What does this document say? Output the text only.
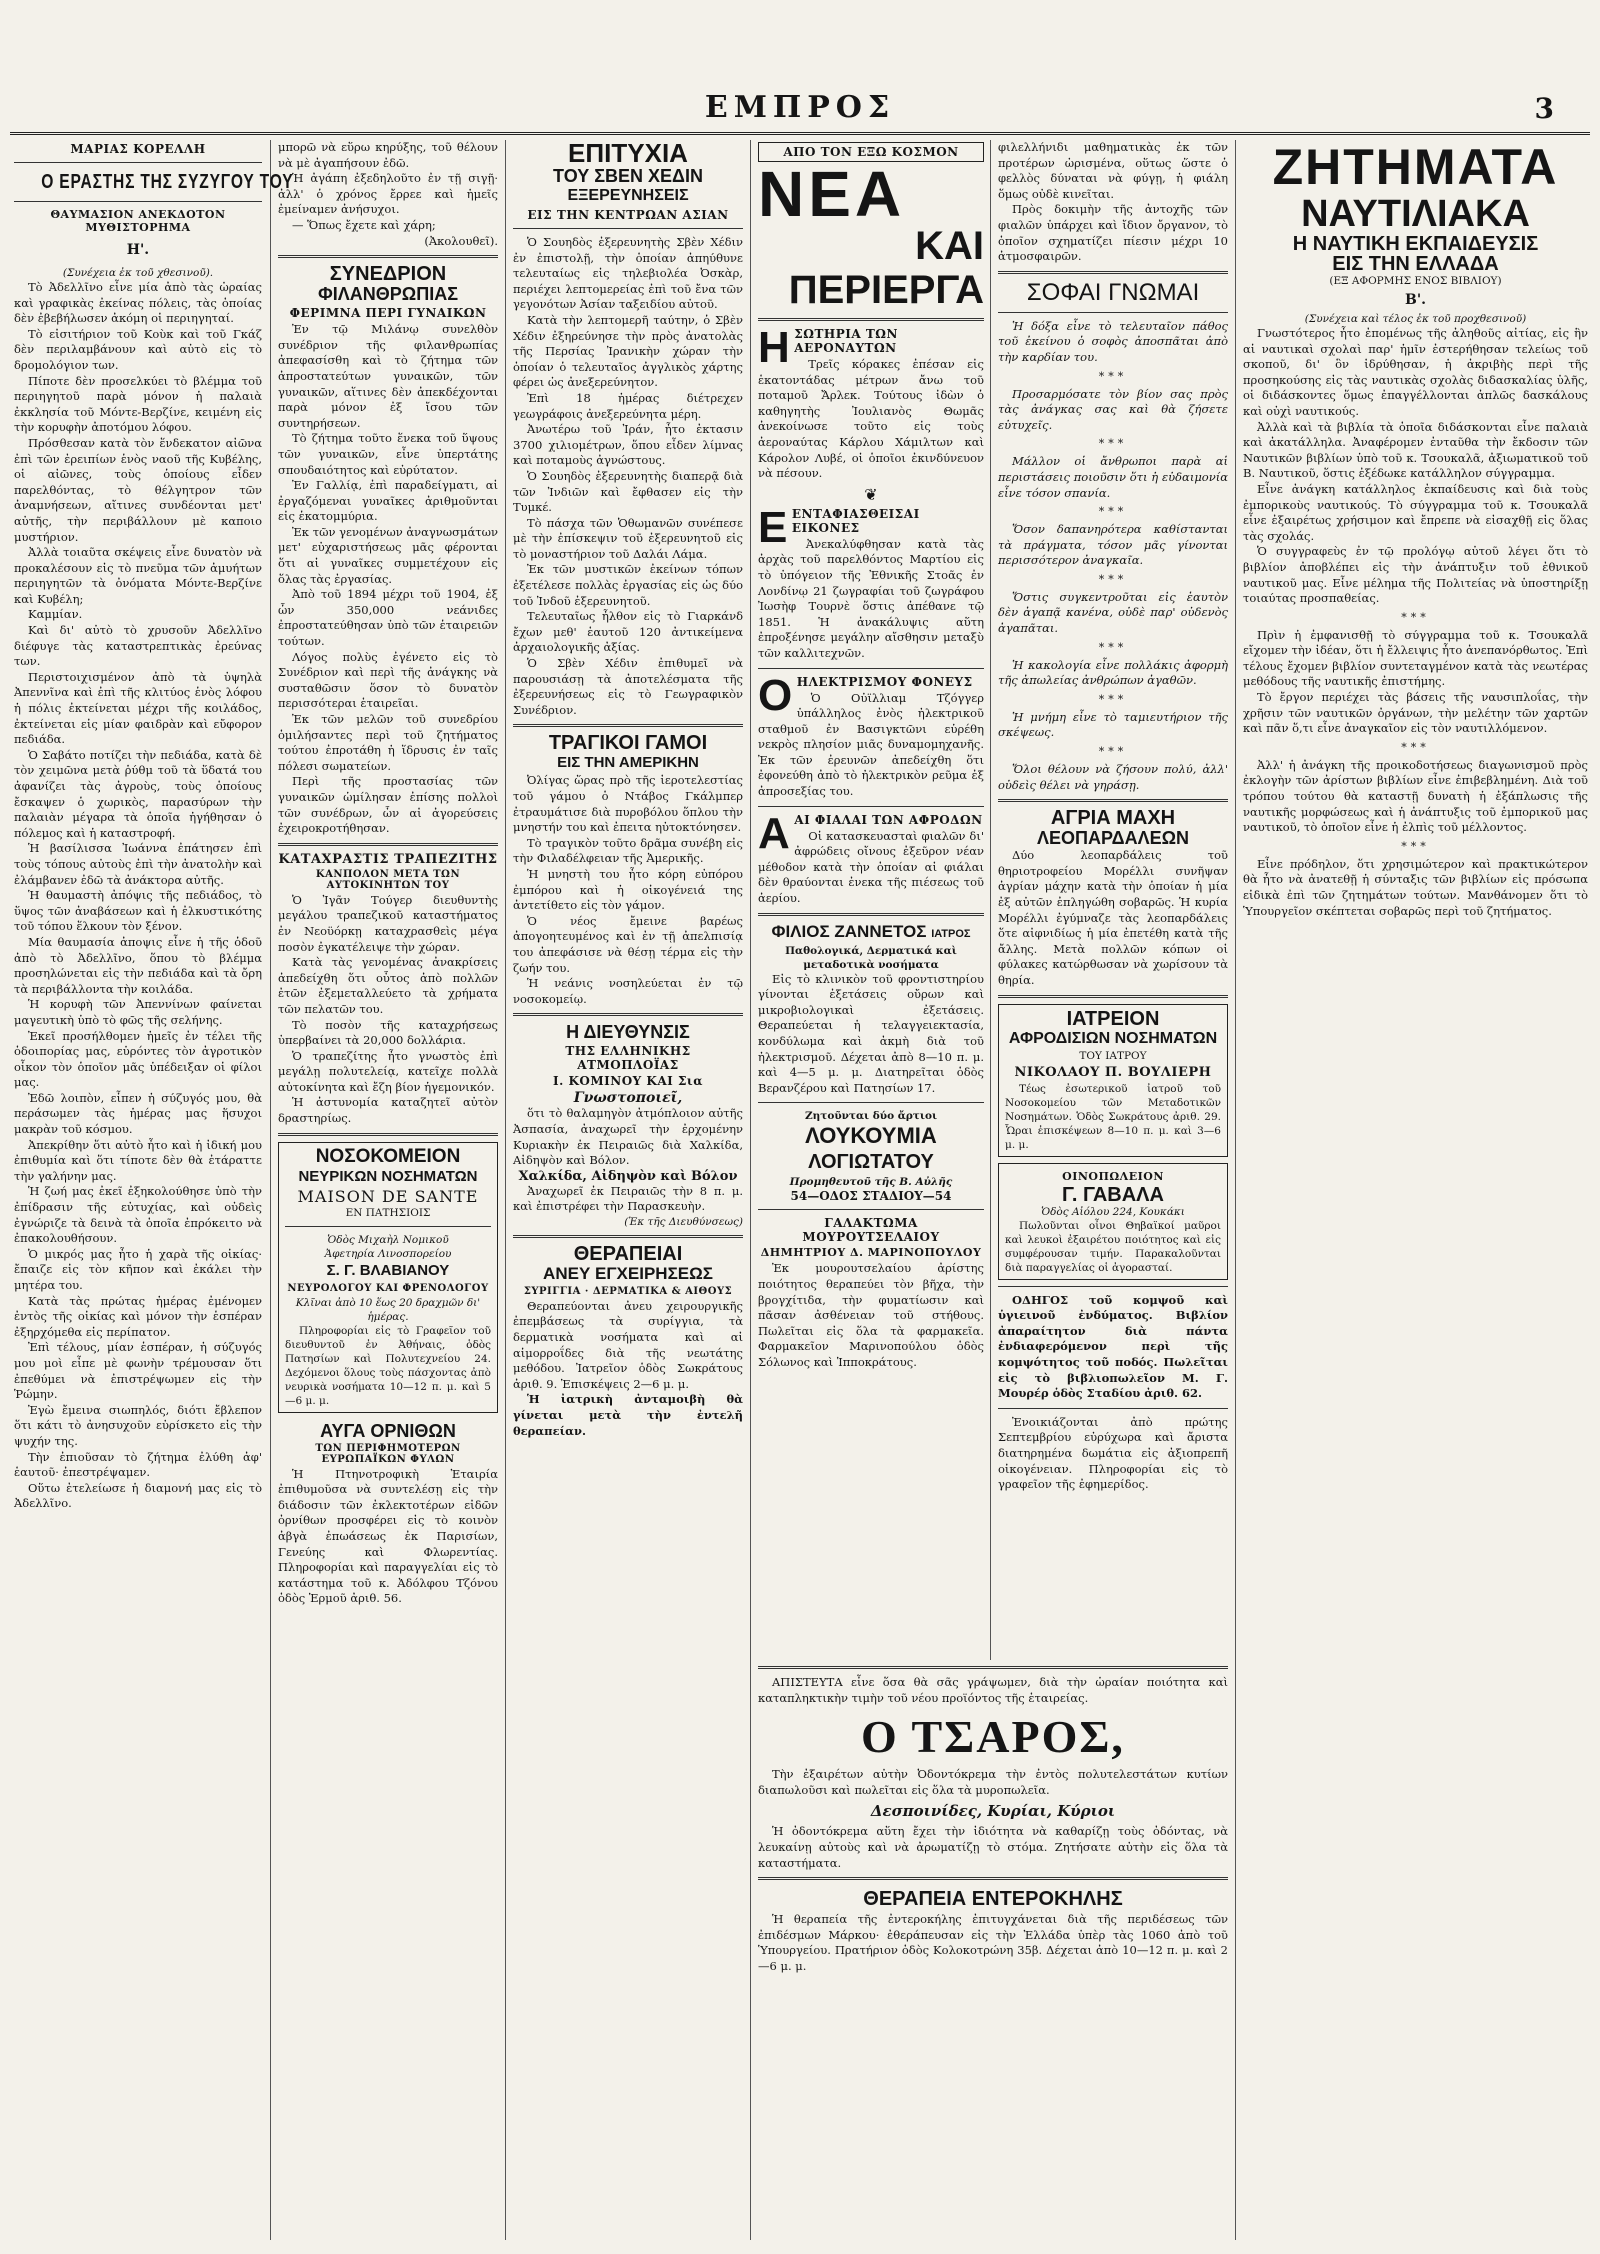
ΕΜΠΡΟΣ	3
ΜΑΡΙΑΣ ΚΟΡΕΛΛΗ
Ο ΕΡΑΣΤΗΣ ΤΗΣ ΣΥΖΥΓΟΥ ΤΟΥ
ΘΑΥΜΑΣΙΟΝ ΑΝΕΚΔΟΤΟΝ ΜΥΘΙΣΤΟΡΗΜΑ
Η'.
(Συνέχεια ἐκ τοῦ χθεσινοῦ).

Τὸ Ἀδελλῖνο εἶνε μία ἀπὸ τὰς ὡραίας καὶ γραφικὰς ἐκείνας πόλεις, τὰς ὁποίας δὲν ἐβεβήλωσεν ἀκόμη οἱ περιηγηταί.

Τὸ εἰσιτήριον τοῦ Κοὺκ καὶ τοῦ Γκάζ δὲν περιλαμβάνουν καὶ αὐτὸ εἰς τὸ δρομολόγιον των.

Πίποτε δὲν προσελκύει τὸ βλέμμα τοῦ περιηγητοῦ παρὰ μόνον ἡ παλαιὰ ἐκκλησία τοῦ Μόντε-Βερζίνε, κειμένη εἰς τὴν κορυφὴν ἀποτόμου λόφου.

Πρόσθεσαν κατὰ τὸν ἕνδεκατον αἰῶνα ἐπὶ τῶν ἐρειπίων ἑνὸς ναοῦ τῆς Κυβέλης, οἱ αἰῶνες, τοὺς ὁποίους εἶδεν παρελθόντας, τὸ θέλγητρον τῶν ἀναμνήσεων, αἴτινες συνδέονται μετ' αὐτῆς, τὴν περιβάλλουν μὲ καποιο μυστήριον.

Ἀλλὰ τοιαῦτα σκέψεις εἶνε δυνατὸν νὰ προκαλέσουν εἰς τὸ πνεῦμα τῶν ἀμυήτων περιηγητῶν τὰ ὀνόματα Μόντε-Βερζίνε καὶ Κυβέλη;

Καμμίαν.

Καὶ δι' αὐτὸ τὸ χρυσοῦν Ἀδελλῖνο διέφυγε τὰς καταστρεπτικὰς ἐρεύνας των.

Περιστοιχισμένον ἀπὸ τὰ ὑψηλὰ Ἀπεννῖνα καὶ ἐπὶ τῆς κλιτύος ἑνὸς λόφου ἡ πόλις ἐκτείνεται μέχρι τῆς κοιλάδος, ἐκτείνεται εἰς μίαν φαιδρὰν καὶ εὔφορον πεδιάδα.

Ὁ Σαβάτο ποτίζει τὴν πεδιάδα, κατὰ δὲ τὸν χειμῶνα μετὰ ῥύθμ τοῦ τὰ ὕδατά του ἀφανίζει τὰς ἀγροὺς, τοὺς ὁποίους ἔσκαψεν ὁ χωρικὸς, παρασύρων τὴν παλαιὰν μέγαρα τὰ ὁποῖα ἠγήθησαν ὁ πόλεμος καὶ ἡ καταστροφή.

Ἡ βασίλισσα Ἰωάννα ἐπάτησεν ἐπὶ τοὺς τόπους αὐτοὺς ἐπὶ τὴν ἀνατολὴν καὶ ἐλάμβανεν ἐδῶ τὰ ἀνάκτορα αὐτῆς.

Ἡ θαυμαστὴ ἀπόψις τῆς πεδιάδος, τὸ ὕψος τῶν ἀναβάσεων καὶ ἡ ἐλκυστικότης τοῦ τόπου ἕλκουν τὸν ξένον.

Μία θαυμασία ἀποψις εἶνε ἡ τῆς ὁδοῦ ἀπὸ τὸ Ἀδελλῖνο, ὅπου τὸ βλέμμα προσηλώνεται εἰς τὴν πεδιάδα καὶ τὰ ὄρη τὰ περιβάλλοντα τὴν κοιλάδα.

Ἡ κορυφὴ τῶν Ἀπεννίνων φαίνεται μαγευτικὴ ὑπὸ τὸ φῶς τῆς σελήνης.

Ἐκεῖ προσήλθομεν ἡμεῖς ἐν τέλει τῆς ὁδοιπορίας μας, εὑρόντες τὸν ἀγροτικὸν οἶκον τὸν ὁποῖον μᾶς ὑπέδειξαν οἱ φίλοι μας.

Ἐδῶ λοιπὸν, εἶπεν ἡ σύζυγός μου, θὰ περάσωμεν τὰς ἡμέρας μας ἥσυχοι μακρὰν τοῦ κόσμου.

Ἀπεκρίθην ὅτι αὐτὸ ἦτο καὶ ἡ ἰδική μου ἐπιθυμία καὶ ὅτι τίποτε δὲν θὰ ἐτάραττε τὴν γαλήνην μας.

Ἡ ζωή μας ἐκεῖ ἐξηκολούθησε ὑπὸ τὴν ἐπίδρασιν τῆς εὐτυχίας, καὶ οὐδεὶς ἐγνώριζε τὰ δεινὰ τὰ ὁποῖα ἐπρόκειτο νὰ ἐπακολουθήσουν.

Ὁ μικρός μας ἦτο ἡ χαρὰ τῆς οἰκίας· ἔπαιζε εἰς τὸν κῆπον καὶ ἐκάλει τὴν μητέρα του.

Κατὰ τὰς πρώτας ἡμέρας ἐμένομεν ἐντὸς τῆς οἰκίας καὶ μόνον τὴν ἑσπέραν ἐξηρχόμεθα εἰς περίπατον.

Ἐπὶ τέλους, μίαν ἑσπέραν, ἡ σύζυγός μου μοὶ εἶπε μὲ φωνὴν τρέμουσαν ὅτι ἐπεθύμει νὰ ἐπιστρέψωμεν εἰς τὴν Ῥώμην.

Ἐγὼ ἔμεινα σιωπηλός, διότι ἔβλεπον ὅτι κάτι τὸ ἀνησυχοῦν εὑρίσκετο εἰς τὴν ψυχήν της.

Τὴν ἐπιοῦσαν τὸ ζήτημα ἐλύθη ἀφ' ἑαυτοῦ· ἐπεστρέψαμεν.

Οὕτω ἐτελείωσε ἡ διαμονή μας εἰς τὸ Ἀδελλῖνο.

μπορῶ νὰ εὕρω κηρύξης, τοῦ θέλουν νὰ μὲ ἀγαπήσουν ἐδῶ.

Ἡ ἀγάπη ἐξεδηλοῦτο ἐν τῇ σιγῇ· ἀλλ' ὁ χρόνος ἔρρεε καὶ ἡμεῖς ἐμείναμεν ἀνήσυχοι.

— Ὅπως ἔχετε καὶ χάρη;

(Ἀκολουθεῖ).

ΣΥΝΕΔΡΙΟΝ
ΦΙΛΑΝΘΡΩΠΙΑΣ
ΦΕΡΙΜΝΑ ΠΕΡΙ ΓΥΝΑΙΚΩΝ

Ἐν τῷ Μιλάνῳ συνελθὸν συνέδριον τῆς φιλανθρωπίας ἀπεφασίσθη καὶ τὸ ζήτημα τῶν ἀπροστατεύτων γυναικῶν, τῶν γυναικῶν, αἵτινες δὲν ἀπεκδέχονται παρὰ μόνον ἐξ ἴσου τῶν συντηρήσεων.

Τὸ ζήτημα τοῦτο ἕνεκα τοῦ ὕψους τῶν γυναικῶν, εἶνε ὑπερτάτης σπουδαιότητος καὶ εὐρύτατον.

Ἐν Γαλλίᾳ, ἐπὶ παραδείγματι, αἱ ἐργαζόμεναι γυναῖκες ἀριθμοῦνται εἰς ἑκατομμύρια.

Ἐκ τῶν γενομένων ἀναγνωσμάτων μετ' εὐχαριστήσεως μᾶς φέρονται ὅτι αἱ γυναῖκες συμμετέχουν εἰς ὅλας τὰς ἐργασίας.

Ἀπὸ τοῦ 1894 μέχρι τοῦ 1904, ἐξ ὧν 350,000 νεάνιδες ἐπροστατεύθησαν ὑπὸ τῶν ἑταιρειῶν τούτων.

Λόγος πολὺς ἐγένετο εἰς τὸ Συνέδριον καὶ περὶ τῆς ἀνάγκης νὰ συσταθῶσιν ὅσον τὸ δυνατὸν περισσότεραι ἑταιρεῖαι.

Ἐκ τῶν μελῶν τοῦ συνεδρίου ὁμιλήσαντες περὶ τοῦ ζητήματος τούτου ἐπροτάθη ἡ ἵδρυσις ἐν ταῖς πόλεσι σωματείων.

Περὶ τῆς προστασίας τῶν γυναικῶν ὡμίλησαν ἐπίσης πολλοὶ τῶν συνέδρων, ὧν αἱ ἀγορεύσεις ἐχειροκροτήθησαν.

ΚΑΤΑΧΡΑΣΤΙΣ ΤΡΑΠΕΖΙΤΗΣ
ΚΑΝΠΟΛΟΝ ΜΕΤΑ ΤΩΝ ΑΥΤΟΚΙΝΗΤΩΝ ΤΟΥ

Ὁ Ἰγᾶν Τούγερ διευθυντὴς μεγάλου τραπεζικοῦ καταστήματος ἐν Νεοϋόρκῃ καταχρασθεὶς μέγα ποσὸν ἐγκατέλειψε τὴν χώραν.

Κατὰ τὰς γενομένας ἀνακρίσεις ἀπεδείχθη ὅτι οὗτος ἀπὸ πολλῶν ἐτῶν ἐξεμεταλλεύετο τὰ χρήματα τῶν πελατῶν του.

Τὸ ποσὸν τῆς καταχρήσεως ὑπερβαίνει τὰ 20,000 δολλάρια.

Ὁ τραπεζίτης ἦτο γνωστὸς ἐπὶ μεγάλῃ πολυτελείᾳ, κατεῖχε πολλὰ αὐτοκίνητα καὶ ἔζη βίον ἡγεμονικόν.

Ἡ ἀστυνομία καταζητεῖ αὐτὸν δραστηρίως.

ΝΟΣΟΚΟΜΕΙΟΝ
ΝΕΥΡΙΚΩΝ ΝΟΣΗΜΑΤΩΝ
MAISON DE SANTE
ΕΝ ΠΑΤΗΣΙΟΙΣ
Ὁδὸς Μιχαὴλ Νομικοῦ
Ἀφετηρία Λινοσπορείου
Σ. Γ. ΒΛΑΒΙΑΝΟΥ
ΝΕΥΡΟΛΟΓΟΥ ΚΑΙ ΦΡΕΝΟΛΟΓΟΥ
Κλῖναι ἀπὸ 10 ἕως 20 δραχμῶν δι' ἡμέρας.

Πληροφορίαι εἰς τὸ Γραφεῖον τοῦ διευθυντοῦ ἐν Ἀθήναις, ὁδὸς Πατησίων καὶ Πολυτεχνείου 24. Δεχόμενοι ὅλους τοὺς πάσχοντας ἀπὸ νευρικὰ νοσήματα 10—12 π. μ. καὶ 5—6 μ. μ.

ΑΥΓΑ ΟΡΝΙΘΩΝ
ΤΩΝ ΠΕΡΙΦΗΜΟΤΕΡΩΝ ΕΥΡΩΠΑΪΚΩΝ ΦΥΛΩΝ

Ἡ Πτηνοτροφικὴ Ἑταιρία ἐπιθυμοῦσα νὰ συντελέσῃ εἰς τὴν διάδοσιν τῶν ἐκλεκτοτέρων εἰδῶν ὀρνίθων προσφέρει εἰς τὸ κοινὸν ἀβγὰ ἐπωάσεως ἐκ Παρισίων, Γενεύης καὶ Φλωρεντίας. Πληροφορίαι καὶ παραγγελίαι εἰς τὸ κατάστημα τοῦ κ. Ἀδόλφου Τζόνου ὁδὸς Ἑρμοῦ ἀριθ. 56.

ΕΠΙΤΥΧΙΑ
ΤΟΥ ΣΒΕΝ ΧΕΔΙΝ
ΕΞΕΡΕΥΝΗΣΕΙΣ
ΕΙΣ ΤΗΝ ΚΕΝΤΡΩΑΝ ΑΣΙΑΝ

Ὁ Σουηδὸς ἐξερευνητὴς Σβὲν Χέδιν ἐν ἐπιστολῇ, τὴν ὁποίαν ἀπηύθυνε τελευταίως εἰς τηλεβιολέα Ὀσκὰρ, περιέχει λεπτομερείας ἐπὶ τοῦ ἔνα τῶν γεγονότων Ἀσίαν ταξειδίου αὐτοῦ.

Κατὰ τὴν λεπτομερῆ ταύτην, ὁ Σβὲν Χέδιν ἐξηρεύνησε τὴν πρὸς ἀνατολὰς τῆς Περσίας Ἰρανικὴν χώραν τὴν ὁποίαν ὁ τελευταῖος ἀγγλικὸς χάρτης φέρει ὡς ἀνεξερεύνητον.

Ἐπὶ 18 ἡμέρας διέτρεχεν γεωγράφοις ἀνεξερεύνητα μέρη.

Ἀνωτέρω τοῦ Ἰράν, ἦτο ἐκτασιν 3700 χιλιομέτρων, ὅπου εἶδεν λίμνας καὶ ποταμοὺς ἀγνώστους.

Ὁ Σουηδὸς ἐξερευνητὴς διαπερᾷ διὰ τῶν Ἰνδιῶν καὶ ἔφθασεν εἰς τὴν Τυμκέ.

Τὸ πάσχα τῶν Ὁθωμανῶν συνέπεσε μὲ τὴν ἐπίσκεψιν τοῦ ἐξερευνητοῦ εἰς τὸ μοναστήριον τοῦ Δαλάι Λάμα.

Ἐκ τῶν μυστικῶν ἐκείνων τόπων ἐξετέλεσε πολλὰς ἐργασίας εἰς ὡς δύο τοῦ Ἰνδοῦ ἐξερευνητοῦ.

Τελευταῖως ἦλθον εἰς τὸ Γιαρκάνδ ἔχων μεθ' ἑαυτοῦ 120 ἀντικείμενα ἀρχαιολογικῆς ἀξίας.

Ὁ Σβὲν Χέδιν ἐπιθυμεῖ νὰ παρουσιάσῃ τὰ ἀποτελέσματα τῆς ἐξερευνήσεως εἰς τὸ Γεωγραφικὸν Συνέδριον.

ΤΡΑΓΙΚΟΙ ΓΑΜΟΙ
ΕΙΣ ΤΗΝ ΑΜΕΡΙΚΗΝ

Ὀλίγας ὥρας πρὸ τῆς ἱεροτελεστίας τοῦ γάμου ὁ Ντάβος Γκάλμπερ ἐτραυμάτισε διὰ πυροβόλου ὅπλου τὴν μνηστήν του καὶ ἐπειτα ηὐτοκτόνησεν.

Τὸ τραγικὸν τοῦτο δρᾶμα συνέβη εἰς τὴν Φιλαδέλφειαν τῆς Ἀμερικῆς.

Ἡ μνηστὴ του ἦτο κόρη εὐπόρου ἐμπόρου καὶ ἡ οἰκογένειά της ἀντετίθετο εἰς τὸν γάμον.

Ὁ νέος ἔμεινε βαρέως ἀπογοητευμένος καὶ ἐν τῇ ἀπελπισίᾳ του ἀπεφάσισε νὰ θέσῃ τέρμα εἰς τὴν ζωήν του.

Ἡ νεάνις νοσηλεύεται ἐν τῷ νοσοκομείῳ.

Η ΔΙΕΥΘΥΝΣΙΣ
ΤΗΣ ΕΛΛΗΝΙΚΗΣ ΑΤΜΟΠΛΟΪΑΣ
Ι. ΚΟΜΙΝΟΥ ΚΑΙ Σια
Γνωστοποιεῖ,

ὅτι τὸ θαλαμηγὸν ἀτμόπλοιον αὐτῆς Ἀσπασία, ἀναχωρεῖ τὴν ἐρχομένην Κυριακὴν ἐκ Πειραιῶς διὰ Χαλκίδα, Αἰδηψὸν καὶ Βόλον.

Χαλκίδα, Αἰδηψὸν καὶ Βόλον

Ἀναχωρεῖ ἐκ Πειραιῶς τὴν 8 π. μ. καὶ ἐπιστρέφει τὴν Παρασκευὴν.

(Ἐκ τῆς Διευθύνσεως)
ΘΕΡΑΠΕΙΑΙ
ΑΝΕΥ ΕΓΧΕΙΡΗΣΕΩΣ
ΣΥΡΙΓΓΙΑ · ΔΕΡΜΑΤΙΚΑ & ΑΙΘΟΥΣ

Θεραπεύονται ἀνευ χειρουργικῆς ἐπεμβάσεως τὰ συρίγγια, τὰ δερματικὰ νοσήματα καὶ αἱ αἱμορροΐδες διὰ τῆς νεωτάτης μεθόδου. Ἰατρεῖον ὁδὸς Σωκράτους ἀριθ. 9. Ἐπισκέψεις 2—6 μ. μ.

Ἡ ἰατρικὴ ἀνταμοιβὴ θὰ γίνεται μετὰ τὴν ἐντελῆ θεραπείαν.

ΑΠΟ ΤΟΝ ΕΞΩ ΚΟΣΜΟΝ
ΝΕΑ
ΚΑΙ ΠΕΡΙΕΡΓΑ
ΗΣΩΤΗΡΙΑ ΤΩΝ ΑΕΡΟΝΑΥΤΩΝ

Τρεῖς κόρακες ἐπέσαν εἰς ἑκατοντάδας μέτρων ἄνω τοῦ ποταμοῦ Ἄρλεκ. Τούτους ἰδὼν ὁ καθηγητὴς Ἰουλιανὸς Θωμᾶς ἀνεκοίνωσε τοῦτο εἰς τοὺς ἀεροναύτας Κάρλου Χάμιλτων καὶ Κάρολον Λυβέ, οἱ ὁποῖοι ἐκινδύνευον νὰ πέσουν.

❦
ΕΕΝΤΑΦΙΑΣΘΕΙΣΑΙ ΕΙΚΟΝΕΣ

Ἀνεκαλύφθησαν κατὰ τὰς ἀρχὰς τοῦ παρελθόντος Μαρτίου εἰς τὸ ὑπόγειον τῆς Ἐθνικῆς Στοᾶς ἐν Λονδίνῳ 21 ζωγραφίαι τοῦ ζωγράφου Ἰωσὴφ Τουρνὲ ὅστις ἀπέθανε τῷ 1851. Ἡ ἀνακάλυψις αὕτη ἐπροξένησε μεγάλην αἴσθησιν μεταξὺ τῶν καλλιτεχνῶν.

ΟΗΛΕΚΤΡΙΣΜΟΥ ΦΟΝΕΥΣ

Ὁ Οὐϊλλιαμ Τζόγγερ ὑπάλληλος ἐνὸς ἠλεκτρικοῦ σταθμοῦ ἐν Βασιγκτῶνι εὑρέθη νεκρὸς πλησίον μιᾶς δυναμομηχανῆς. Ἐκ τῶν ἐρευνῶν ἀπεδείχθη ὅτι ἐφονεύθη ἀπὸ τὸ ἠλεκτρικὸν ρεῦμα ἐξ ἀπροσεξίας του.

ΑΑΙ ΦΙΑΛΑΙ ΤΩΝ ΑΦΡΟΔΩΝ

Οἱ κατασκευασταὶ φιαλῶν δι' ἀφρώδεις οἴνους ἐξεῦρον νέαν μέθοδον κατὰ τὴν ὁποίαν αἱ φιάλαι δὲν θραύονται ἐνεκα τῆς πιέσεως τοῦ ἀερίου.

ΦΙΛΙΟΣ ΖΑΝΝΕΤΟΣ ΙΑΤΡΟΣ
Παθολογικά, Δερματικά καὶ μεταδοτικὰ νοσήματα

Εἰς τὸ κλινικὸν τοῦ φροντιστηρίου γίνονται ἐξετάσεις οὔρων καὶ μικροβιολογικαὶ ἐξετάσεις. Θεραπεύεται ἡ τελαγγειεκτασία, κονδύλωμα καὶ ἀκμὴ διὰ τοῦ ἠλεκτρισμοῦ. Δέχεται ἀπὸ 8—10 π. μ. καὶ 4—5 μ. μ. Διατηρεῖται ὁδὸς Βερανζέρου καὶ Πατησίων 17.

Ζητοῦνται δύο ἄρτιοι
ΛΟΥΚΟΥΜΙΑ
ΛΟΓΙΩΤΑΤΟΥ
Προμηθευτοῦ τῆς Β. Αὐλῆς
54—ΟΔΟΣ ΣΤΑΔΙΟΥ—54
ΓΑΛΑΚΤΩΜΑ ΜΟΥΡΟΥΤΣΕΛΑΙΟΥ
ΔΗΜΗΤΡΙΟΥ Δ. ΜΑΡΙΝΟΠΟΥΛΟΥ

Ἐκ μουρουτσελαίου ἀρίστης ποιότητος θεραπεύει τὸν βῆχα, τὴν βρογχίτιδα, τὴν φυματίωσιν καὶ πᾶσαν ἀσθένειαν τοῦ στήθους. Πωλεῖται εἰς ὅλα τὰ φαρμακεῖα. Φαρμακεῖον Μαρινοπούλου ὁδὸς Σόλωνος καὶ Ἱπποκράτους.

φιλελλήνιδι μαθηματικὰς ἐκ τῶν προτέρων ὡρισμένα, οὕτως ὥστε ὁ φελλὸς δύναται νὰ φύγῃ, ἡ φιάλη ὅμως οὐδὲ κινεῖται.

Πρὸς δοκιμὴν τῆς ἀντοχῆς τῶν φιαλῶν ὑπάρχει καὶ ἴδιον ὄργανον, τὸ ὁποῖον σχηματίζει πίεσιν μέχρι 10 ἀτμοσφαιρῶν.

ΣΟΦΑΙ ΓΝΩΜΑΙ

Ἡ δόξα εἶνε τὸ τελευταῖον πάθος τοῦ ἐκείνου ὁ σοφὸς ἀποσπᾶται ἀπὸ τὴν καρδίαν του.

***

Προσαρμόσατε τὸν βίον σας πρὸς τὰς ἀνάγκας σας καὶ θὰ ζήσετε εὐτυχεῖς.

***

Μάλλον οἱ ἄνθρωποι παρὰ αἱ περιστάσεις ποιοῦσιν ὅτι ἡ εὐδαιμονία εἶνε τόσον σπανία.

***

Ὅσον δαπανηρότερα καθίστανται τὰ πράγματα, τόσον μᾶς γίνονται περισσότερον ἀναγκαῖα.

***

Ὅστις συγκεντροῦται εἰς ἑαυτὸν δὲν ἀγαπᾷ κανένα, οὐδὲ παρ' οὐδενὸς ἀγαπᾶται.

***

Ἡ κακολογία εἶνε πολλάκις ἀφορμὴ τῆς ἀπωλείας ἀνθρώπων ἀγαθῶν.

***

Ἡ μνήμη εἶνε τὸ ταμιευτήριον τῆς σκέψεως.

***

Ὅλοι θέλουν νὰ ζήσουν πολύ, ἀλλ' οὐδεὶς θέλει νὰ γηράσῃ.

ΑΓΡΙΑ ΜΑΧΗ
ΛΕΟΠΑΡΔΑΛΕΩΝ

Δύο λεοπαρδάλεις τοῦ θηριοτροφείου Μορέλλι συνῆψαν ἀγρίαν μάχην κατὰ τὴν ὁποίαν ἡ μία ἐξ αὐτῶν ἐπληγώθη σοβαρῶς. Ἡ κυρία Μορέλλι ἐγύμναζε τὰς λεοπαρδάλεις ὅτε αἰφνιδίως ἡ μία ἐπετέθη κατὰ τῆς ἄλλης. Μετὰ πολλῶν κόπων οἱ φύλακες κατώρθωσαν νὰ χωρίσουν τὰ θηρία.

ΙΑΤΡΕΙΟΝ
ΑΦΡΟΔΙΣΙΩΝ ΝΟΣΗΜΑΤΩΝ
ΤΟΥ ΙΑΤΡΟΥ
ΝΙΚΟΛΑΟΥ Π. ΒΟΥΛΙΕΡΗ

Τέως ἐσωτερικοῦ ἰατροῦ τοῦ Νοσοκομείου τῶν Μεταδοτικῶν Νοσημάτων. Ὁδὸς Σωκράτους ἀριθ. 29. Ὧραι ἐπισκέψεων 8—10 π. μ. καὶ 3—6 μ. μ.

ΟΙΝΟΠΩΛΕΙΟΝ
Γ. ΓΑΒΑΛΑ
Ὁδὸς Αἰόλου 224, Κουκάκι

Πωλοῦνται οἶνοι Θηβαϊκοί μαῦροι καὶ λευκοὶ ἐξαιρέτου ποιότητος καὶ εἰς συμφέρουσαν τιμήν. Παρακαλοῦνται διὰ παραγγελίας οἱ ἀγορασταί.

ΟΔΗΓΟΣ τοῦ κομψοῦ καὶ ὑγιεινοῦ ἐνδύματος. Βιβλίον ἀπαραίτητον διὰ πάντα ἐνδιαφερόμενον περὶ τῆς κομψότητος τοῦ ποδός. Πωλεῖται εἰς τὸ βιβλιοπωλεῖον Μ. Γ. Μουρέρ ὁδὸς Σταδίου ἀριθ. 62.

Ἐνοικιάζονται ἀπὸ πρώτης Σεπτεμβρίου εὐρύχωρα καὶ ἄριστα διατηρημένα δωμάτια εἰς ἀξιοπρεπῆ οἰκογένειαν. Πληροφορίαι εἰς τὸ γραφεῖον τῆς ἐφημερίδος.

ΑΠΙΣΤΕΥΤΑ εἶνε ὅσα θὰ σᾶς γράψωμεν, διὰ τὴν ὡραίαν ποιότητα καὶ καταπληκτικὴν τιμὴν τοῦ νέου προϊόντος τῆς ἑταιρείας.

Ο ΤΣΑΡΟΣ,

Τὴν ἐξαιρέτων αὐτὴν Ὀδοντόκρεμα τὴν ἐντὸς πολυτελεστάτων κυτίων διαπωλοῦσι καὶ πωλεῖται εἰς ὅλα τὰ μυροπωλεῖα.

Δεσποινίδες, Κυρίαι, Κύριοι

Ἡ ὀδοντόκρεμα αὕτη ἔχει τὴν ἰδιότητα νὰ καθαρίζῃ τοὺς ὀδόντας, νὰ λευκαίνῃ αὐτοὺς καὶ νὰ ἀρωματίζῃ τὸ στόμα. Ζητήσατε αὐτὴν εἰς ὅλα τὰ καταστήματα.

ΘΕΡΑΠΕΙΑ ΕΝΤΕΡΟΚΗΛΗΣ

Ἡ θεραπεία τῆς ἐντεροκήλης ἐπιτυγχάνεται διὰ τῆς περιδέσεως τῶν ἐπιδέσμων Μάρκου· ἐθεράπευσαν εἰς τὴν Ἑλλάδα ὑπὲρ τὰς 1060 ἀπὸ τοῦ Ὑπουργείου. Πρατήριον ὁδὸς Κολοκοτρώνη 35β. Δέχεται ἀπὸ 10—12 π. μ. καὶ 2—6 μ. μ.

ΖΗΤΗΜΑΤΑ
ΝΑΥΤΙΛΙΑΚΑ
Η ΝΑΥΤΙΚΗ ΕΚΠΑΙΔΕΥΣΙΣ
ΕΙΣ ΤΗΝ ΕΛΛΑΔΑ
(ΕΞ ΑΦΟΡΜΗΣ ΕΝΟΣ ΒΙΒΛΙΟΥ)
Β'.
(Συνέχεια καὶ τέλος ἐκ τοῦ προχθεσινοῦ)

Γνωστότερος ἦτο ἐπομένως τῆς ἀληθοῦς αἰτίας, εἰς ἣν αἱ ναυτικαὶ σχολαὶ παρ' ἡμῖν ἐστερήθησαν τελείως τοῦ σκοποῦ, δι' ὃν ἱδρύθησαν, ἡ ἀκριβὴς περὶ τῆς προσηκούσης εἰς τὰς ναυτικὰς σχολὰς διδασκαλίας ὑλῆς, οἱ διδάσκοντες ὅμως ἐπαγγέλλονται ἀπλῶς δασκάλους καὶ οὐχὶ ναυτικούς.

Ἀλλὰ καὶ τὰ βιβλία τὰ ὁποῖα διδάσκονται εἶνε παλαιὰ καὶ ἀκατάλληλα. Ἀναφέρομεν ἐνταῦθα τὴν ἔκδοσιν τῶν Ναυτικῶν βιβλίων ὑπὸ τοῦ κ. Τσουκαλᾶ, ἀξιωματικοῦ τοῦ Β. Ναυτικοῦ, ὅστις ἐξέδωκε κατάλληλον σύγγραμμα.

Εἶνε ἀνάγκη κατάλληλος ἐκπαίδευσις καὶ διὰ τοὺς ἐμπορικοὺς ναυτικούς. Τὸ σύγγραμμα τοῦ κ. Τσουκαλᾶ εἶνε ἐξαιρέτως χρήσιμον καὶ ἔπρεπε νὰ εἰσαχθῇ εἰς ὅλας τὰς σχολάς.

Ὁ συγγραφεὺς ἐν τῷ προλόγῳ αὐτοῦ λέγει ὅτι τὸ βιβλίον ἀποβλέπει εἰς τὴν ἀνάπτυξιν τοῦ ἐθνικοῦ ναυτικοῦ μας. Εἶνε μέλημα τῆς Πολιτείας νὰ ὑποστηρίξῃ τοιαύτας προσπαθείας.

***

Πρὶν ἡ ἐμφανισθῇ τὸ σύγγραμμα τοῦ κ. Τσουκαλᾶ εἴχομεν τὴν ἰδέαν, ὅτι ἡ ἔλλειψις ἦτο ἀνεπανόρθωτος. Ἐπὶ τέλους ἔχομεν βιβλίον συντεταγμένον κατὰ τὰς νεωτέρας μεθόδους τῆς ναυτικῆς ἐπιστήμης.

Τὸ ἔργον περιέχει τὰς βάσεις τῆς ναυσιπλοΐας, τὴν χρῆσιν τῶν ναυτικῶν ὀργάνων, τὴν μελέτην τῶν χαρτῶν καὶ πᾶν ὅ,τι εἶνε ἀναγκαῖον εἰς τὸν ναυτιλλόμενον.

***

Ἀλλ' ἡ ἀνάγκη τῆς προικοδοτήσεως διαγωνισμοῦ πρὸς ἐκλογὴν τῶν ἀρίστων βιβλίων εἶνε ἐπιβεβλημένη. Διὰ τοῦ τρόπου τούτου θὰ καταστῇ δυνατὴ ἡ ἐξάπλωσις τῆς ναυτικῆς μορφώσεως καὶ ἡ ἀνάπτυξις τοῦ ἐμπορικοῦ μας ναυτικοῦ, τὸ ὁποῖον εἶνε ἡ ἐλπὶς τοῦ μέλλοντος.

***

Εἶνε πρόδηλον, ὅτι χρησιμώτερον καὶ πρακτικώτερον θὰ ἦτο νὰ ἀνατεθῇ ἡ σύνταξις τῶν βιβλίων εἰς πρόσωπα εἰδικὰ ἐπὶ τῶν ζητημάτων τούτων. Μανθάνομεν ὅτι τὸ Ὑπουργεῖον σκέπτεται σοβαρῶς περὶ τοῦ ζητήματος.
